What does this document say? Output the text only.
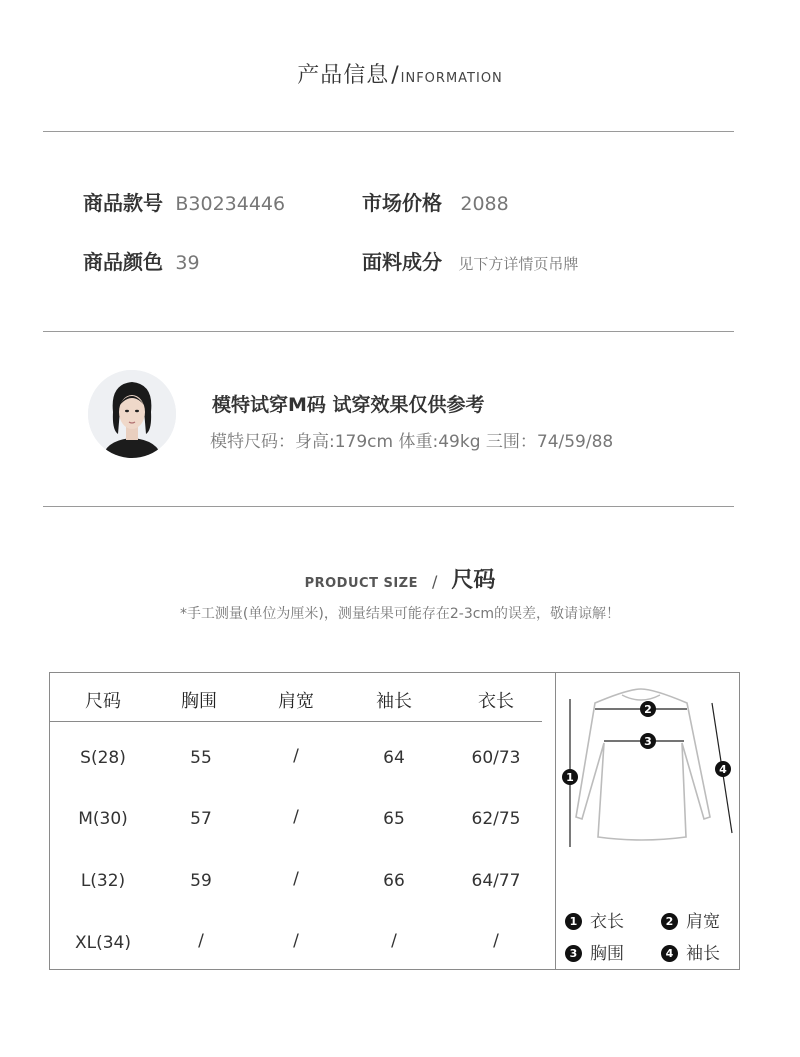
产品信息/ INFORMATION
商品款号 B30234446	市场价格 2088
商品颜色 39	面料成分 见下方详情页吊牌
模特试穿M码 试穿效果仅供参考
模特尺码：身高:179cm 体重:49kg 三围：74/59/88
PRODUCT SIZE / 尺码
*手工测量(单位为厘米)，测量结果可能存在2-3cm的误差，敬请谅解！
尺码	胸围	肩宽	袖长	衣长
S(28)	55	/	64	60/73
M(30)	57	/	65	62/75
L(32)	59	/	66	64/77
XL(34)	/	/	/	/
1
2
3
4
1 衣长	2 肩宽
3 胸围	4 袖长
